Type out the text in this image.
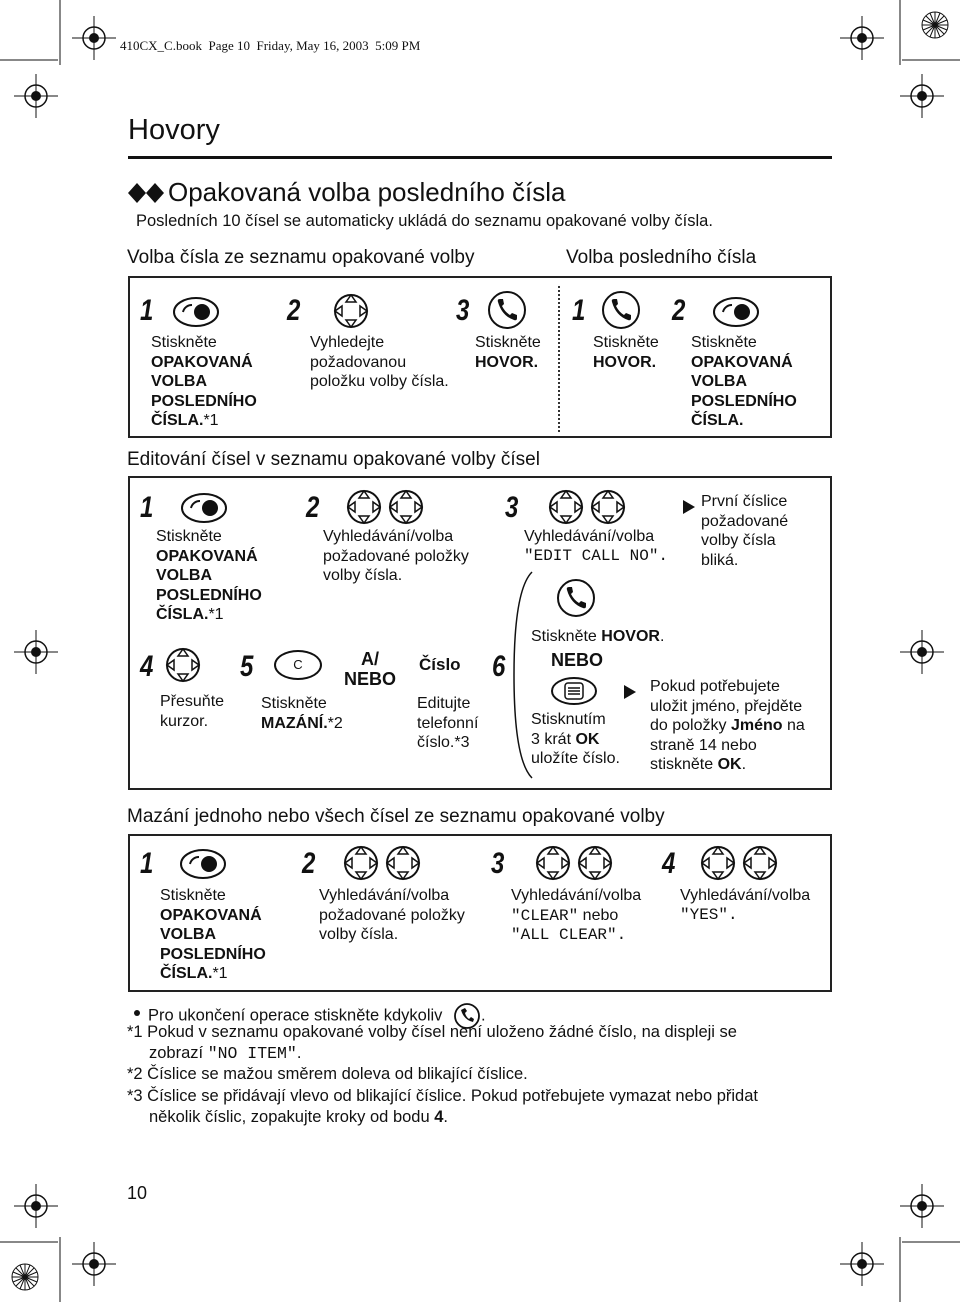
410CX_C.book  Page 10  Friday, May 16, 2003  5:09 PM
Hovory
Opakovaná volba posledního čísla
Posledních 10 čísel se automaticky ukládá do seznamu opakované volby čísla.
Volba čísla ze seznamu opakované volby	Volba posledního čísla
1
Stiskněte
OPAKOVANÁ
VOLBA
POSLEDNÍHO
ČÍSLA.*1
2
Vyhledejte
požadovanou
položku volby čísla.
3
Stiskněte
HOVOR.
1
Stiskněte
HOVOR.
2
Stiskněte
OPAKOVANÁ
VOLBA
POSLEDNÍHO
ČÍSLA.
Editování čísel v seznamu opakované volby čísel
1
Stiskněte
OPAKOVANÁ
VOLBA
POSLEDNÍHO
ČÍSLA.*1
2
Vyhledávání/volba
požadované položky
volby čísla.
3
Vyhledávání/volba
"EDIT CALL NO".
První číslice
požadované
volby čísla
bliká.
Stiskněte HOVOR.
NEBO
Stisknutím
3 krát OK
uložíte číslo.
Pokud potřebujete
uložit jméno, přejděte
do položky Jméno na
straně 14 nebo
stiskněte OK.
4
Přesuňte
kurzor.
5	C
Stiskněte
MAZÁNÍ.*2
A/
NEBO
Číslo
Editujte
telefonní
číslo.*3
6
Mazání jednoho nebo všech čísel ze seznamu opakované volby
1
Stiskněte
OPAKOVANÁ
VOLBA
POSLEDNÍHO
ČÍSLA.*1
2
Vyhledávání/volba
požadované položky
volby čísla.
3
Vyhledávání/volba
"CLEAR" nebo
"ALL CLEAR".
4
Vyhledávání/volba
"YES".
Pro ukončení operace stiskněte kdykoliv .
*1 Pokud v seznamu opakované volby čísel není uloženo žádné číslo, na displeji se
zobrazí "NO ITEM".
*2 Číslice se mažou směrem doleva od blikající číslice.
*3 Číslice se přidávají vlevo od blikající číslice. Pokud potřebujete vymazat nebo přidat
několik číslic, zopakujte kroky od bodu 4.
10
